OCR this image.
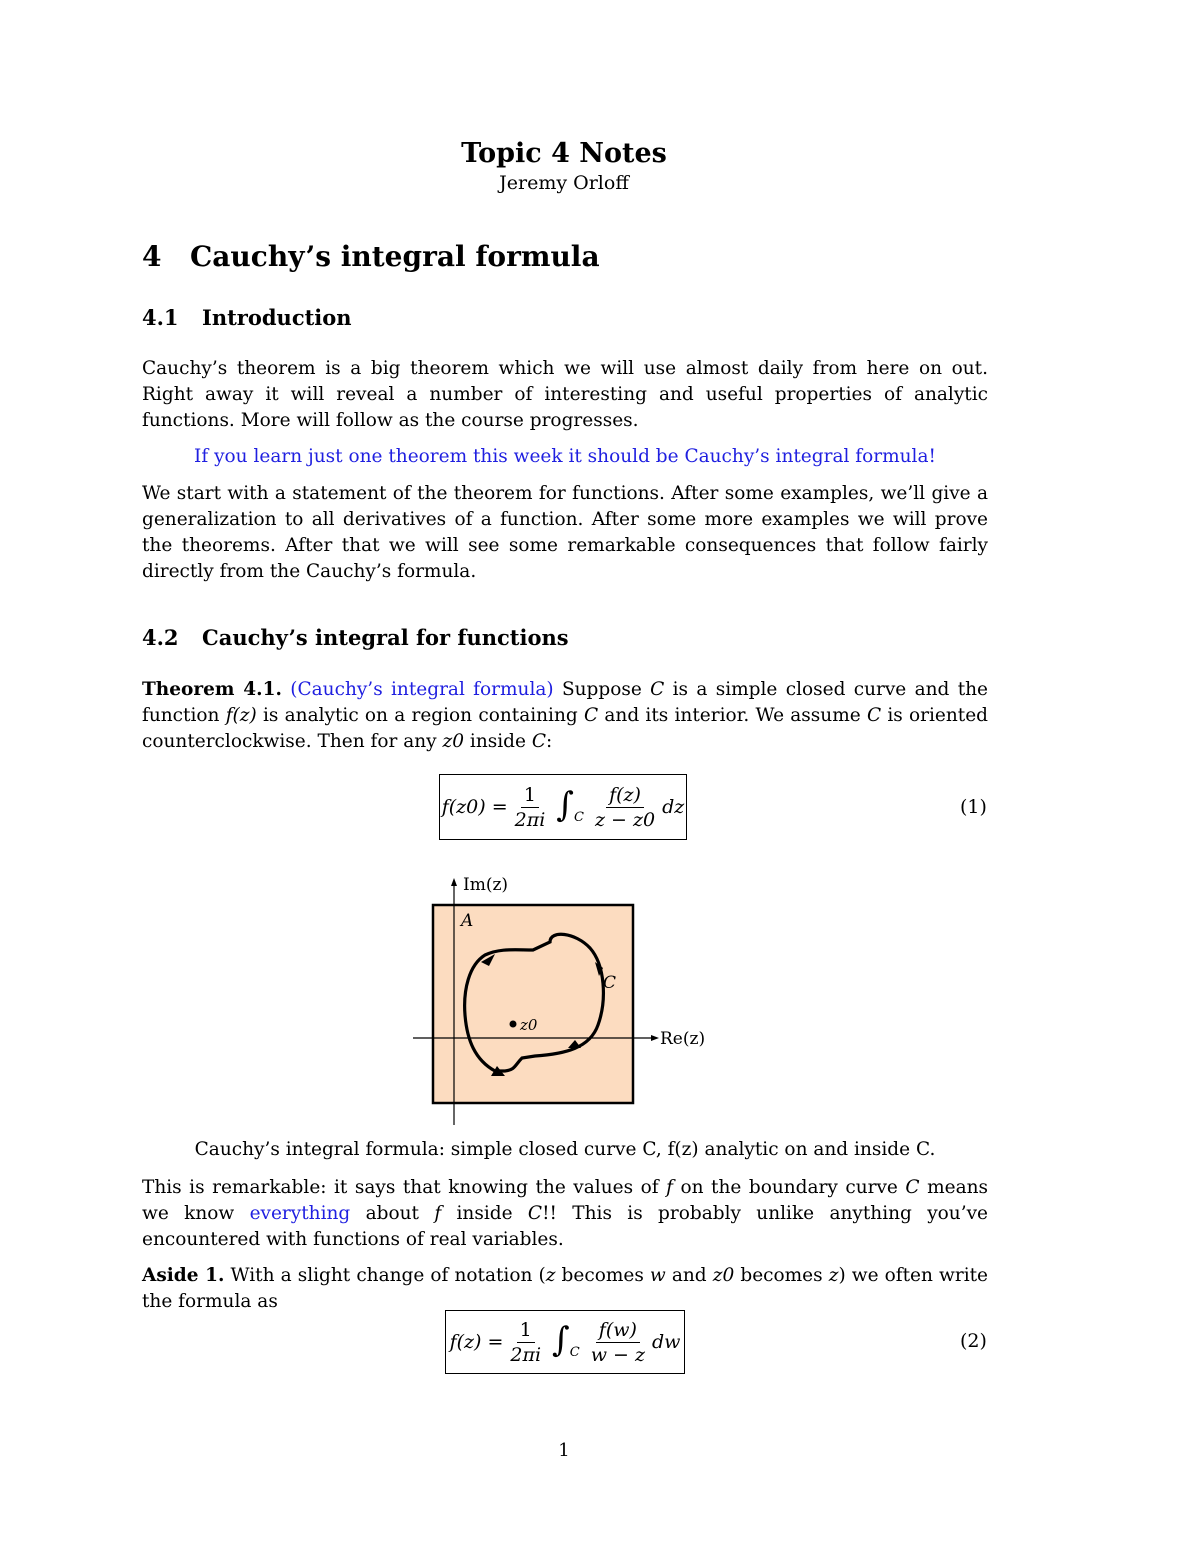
Topic 4 Notes
Jeremy Orloff
4 Cauchy’s integral formula
4.1 Introduction

Cauchy’s theorem is a big theorem which we will use almost daily from here on out. Right away it will reveal a number of interesting and useful properties of analytic functions. More will follow as the course progresses.

If you learn just one theorem this week it should be Cauchy’s integral formula!

We start with a statement of the theorem for functions. After some examples, we’ll give a generalization to all derivatives of a function. After some more examples we will prove the theorems. After that we will see some remarkable consequences that follow fairly directly from the Cauchy’s formula.

4.2 Cauchy’s integral for functions

Theorem 4.1. (Cauchy’s integral formula) Suppose C is a simple closed curve and the function f(z) is analytic on a region containing C and its interior. We assume C is oriented counterclockwise. Then for any z0 inside C:

$f(z0) = \frac{1}{2\pi i}$ ∫ C $\frac{f(z)}{z - z0}$ dz	(1)
Im(z)
Re(z)
A
C
z0
Cauchy’s integral formula: simple closed curve C, f(z) analytic on and inside C.

This is remarkable: it says that knowing the values of f on the boundary curve C means we know everything about f inside C!! This is probably unlike anything you’ve encountered with functions of real variables.

Aside 1. With a slight change of notation (z becomes w and z0 becomes z) we often write the formula as

$f(z) = \frac{1}{2\pi i}$ ∫ C $\frac{f(w)}{w - z}$ dw	(2)
1
